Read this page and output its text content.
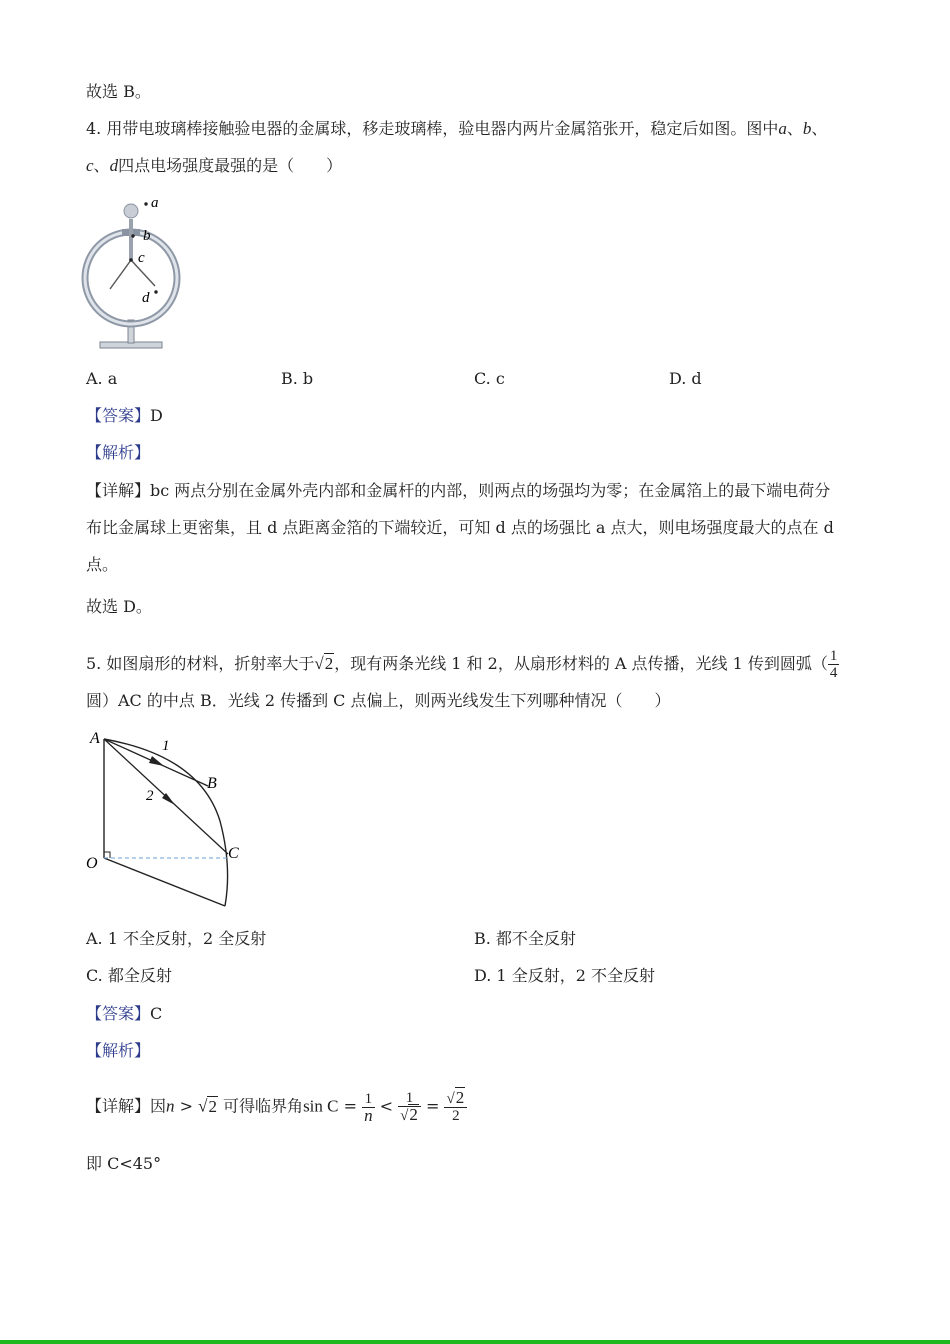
故选 B。
4. 用带电玻璃棒接触验电器的金属球，移走玻璃棒，验电器内两片金属箔张开，稳定后如图。图中a、b、
c、d四点电场强度最强的是（　　）
a
b
c
d
A. a	B. b	C. c	D. d
【答案】D
【解析】
【详解】bc 两点分别在金属外壳内部和金属杆的内部，则两点的场强均为零；在金属箔上的最下端电荷分
布比金属球上更密集，且 d 点距离金箔的下端较近，可知 d 点的场强比 a 点大，则电场强度最大的点在 d
点。
故选 D。
5. 如图扇形的材料，折射率大于√2，现有两条光线 1 和 2，从扇形材料的 A 点传播，光线 1 传到圆弧（ $\frac{1}{4}$
圆）AC 的中点 B．光线 2 传播到 C 点偏上，则两光线发生下列哪种情况（　　）
A	1
B
2
O
C
A. 1 不全反射，2 全反射	B. 都不全反射
C. 都全反射	D. 1 全反射，2 不全反射
【答案】C
【解析】
【详解】因n > √2 可得临界角$\sin C = \frac{1}{n} < \frac{1}{√2} = \frac{√2}{2}$
即 C<45°
